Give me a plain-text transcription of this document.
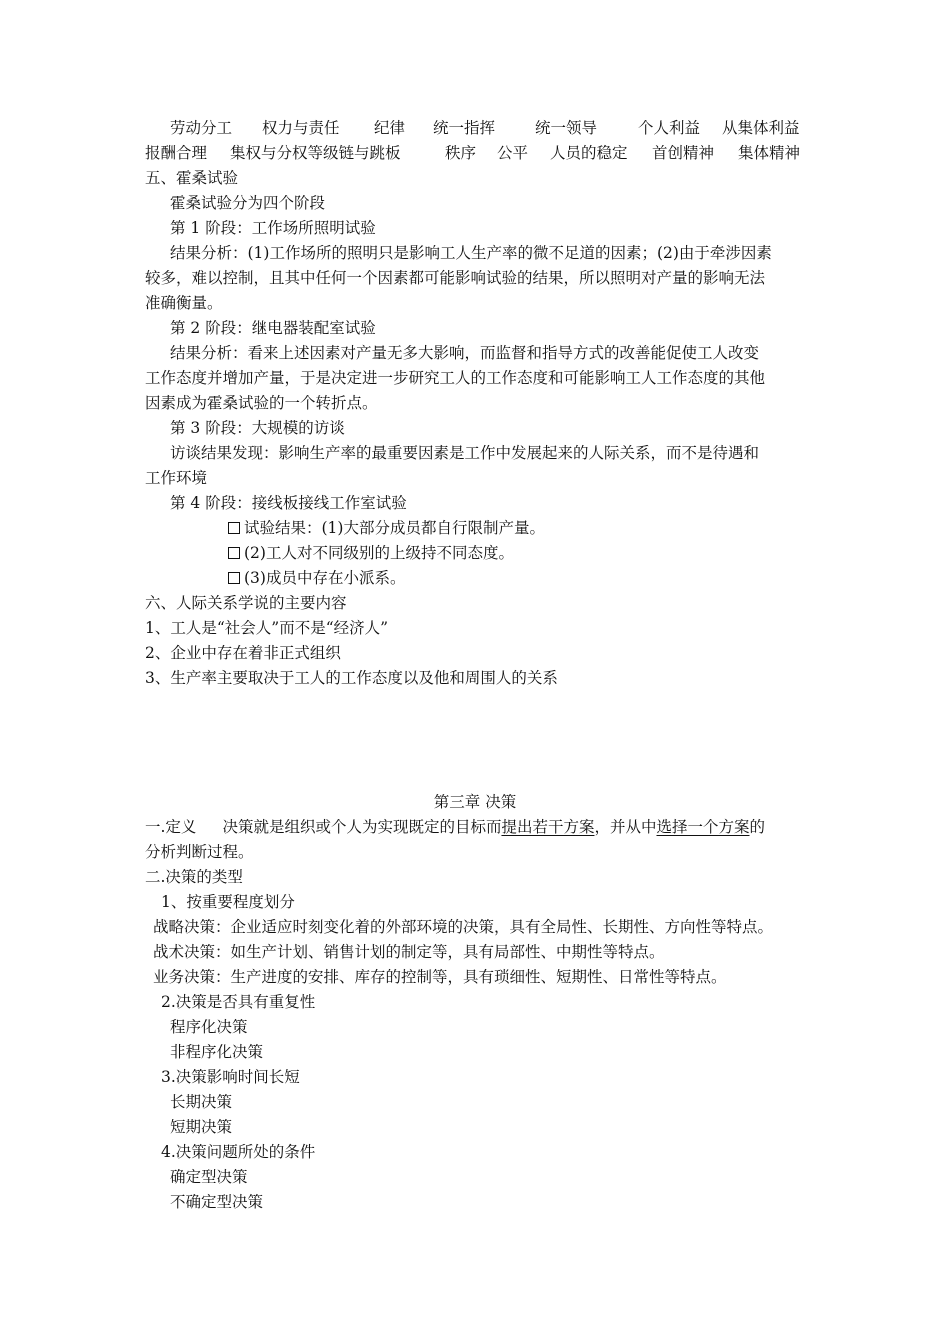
劳动分工 权力与责任 纪律 统一指挥	统一领导	个人利益 从集体利益
报酬合理 集权与分权等级链与跳板	秩序 公平 人员的稳定 首创精神 集体精神
五、霍桑试验
霍桑试验分为四个阶段
第 1 阶段：工作场所照明试验
结果分析：(1)工作场所的照明只是影响工人生产率的微不足道的因素；(2)由于牵涉因素
较多，难以控制，且其中任何一个因素都可能影响试验的结果，所以照明对产量的影响无法
准确衡量。
第 2 阶段：继电器装配室试验
结果分析：看来上述因素对产量无多大影响，而监督和指导方式的改善能促使工人改变
工作态度并增加产量，于是决定进一步研究工人的工作态度和可能影响工人工作态度的其他
因素成为霍桑试验的一个转折点。
第 3 阶段：大规模的访谈
访谈结果发现：影响生产率的最重要因素是工作中发展起来的人际关系，而不是待遇和
工作环境
第 4 阶段：接线板接线工作室试验
试验结果：(1)大部分成员都自行限制产量。
(2)工人对不同级别的上级持不同态度。
(3)成员中存在小派系。
六、人际关系学说的主要内容
1、工人是“社会人”而不是“经济人”
2、企业中存在着非正式组织
3、生产率主要取决于工人的工作态度以及他和周围人的关系
第三章 决策
一.定义 决策就是组织或个人为实现既定的目标而提出若干方案，并从中选择一个方案的
分析判断过程。
二.决策的类型
1、按重要程度划分
战略决策：企业适应时刻变化着的外部环境的决策，具有全局性、长期性、方向性等特点。
战术决策：如生产计划、销售计划的制定等，具有局部性、中期性等特点。
业务决策：生产进度的安排、库存的控制等，具有琐细性、短期性、日常性等特点。
2.决策是否具有重复性
程序化决策
非程序化决策
3.决策影响时间长短
长期决策
短期决策
4.决策问题所处的条件
确定型决策
不确定型决策
